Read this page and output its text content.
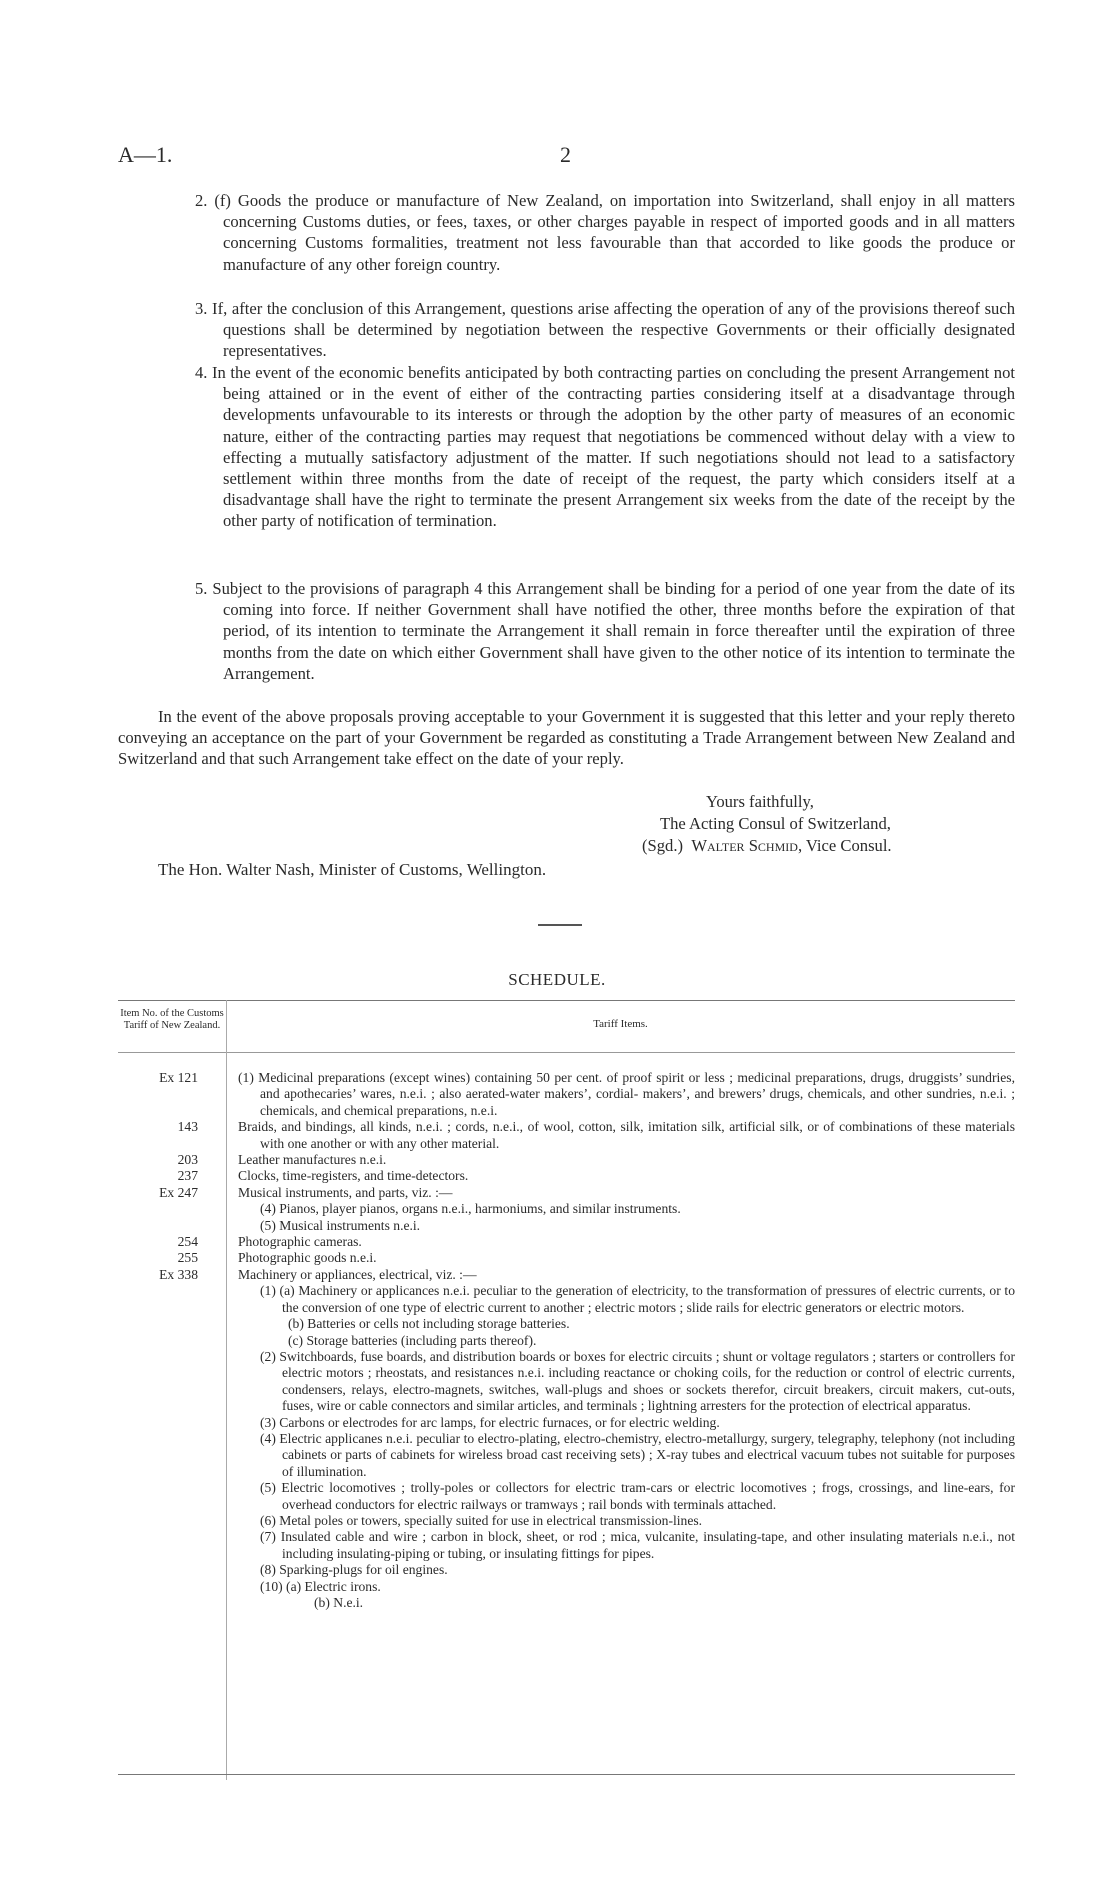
A—1.	2
2. (f) Goods the produce or manufacture of New Zealand, on importation into Switzerland, shall enjoy in all matters concerning Customs duties, or fees, taxes, or other charges payable in respect of imported goods and in all matters concerning Customs formalities, treatment not less favourable than that accorded to like goods the produce or manufacture of any other foreign country.
3. If, after the conclusion of this Arrangement, questions arise affecting the operation of any of the provisions thereof such questions shall be determined by negotiation between the respective Governments or their officially designated representatives.
4. In the event of the economic benefits anticipated by both contracting parties on concluding the present Arrangement not being attained or in the event of either of the contracting parties considering itself at a disadvantage through developments unfavourable to its interests or through the adoption by the other party of measures of an economic nature, either of the contracting parties may request that negotiations be commenced without delay with a view to effecting a mutually satisfactory adjustment of the matter. If such negotiations should not lead to a satisfactory settlement within three months from the date of receipt of the request, the party which considers itself at a disadvantage shall have the right to terminate the present Arrangement six weeks from the date of the receipt by the other party of notification of termination.
5. Subject to the provisions of paragraph 4 this Arrangement shall be binding for a period of one year from the date of its coming into force. If neither Government shall have notified the other, three months before the expiration of that period, of its intention to terminate the Arrangement it shall remain in force thereafter until the expiration of three months from the date on which either Government shall have given to the other notice of its intention to terminate the Arrangement.
In the event of the above proposals proving acceptable to your Government it is suggested that this letter and your reply thereto conveying an acceptance on the part of your Government be regarded as constituting a Trade Arrangement between New Zealand and Switzerland and that such Arrangement take effect on the date of your reply.
Yours faithfully,
The Acting Consul of Switzerland,
(Sgd.) Walter Schmid, Vice Consul.
The Hon. Walter Nash, Minister of Customs, Wellington.
SCHEDULE.
Item No. of the Customs Tariff of New Zealand.	Tariff Items.
Ex 121	(1) Medicinal preparations (except wines) containing 50 per cent. of proof spirit or less ; medicinal preparations, drugs, druggists’ sundries, and apothecaries’ wares, n.e.i. ; also aerated-water makers’, cordial- makers’, and brewers’ drugs, chemicals, and other sundries, n.e.i. ; chemicals, and chemical preparations, n.e.i.
143	Braids, and bindings, all kinds, n.e.i. ; cords, n.e.i., of wool, cotton, silk, imitation silk, artificial silk, or of combinations of these materials with one another or with any other material.
203	Leather manufactures n.e.i.
237	Clocks, time-registers, and time-detectors.
Ex 247	Musical instruments, and parts, viz. :—
(4) Pianos, player pianos, organs n.e.i., harmoniums, and similar instruments.
(5) Musical instruments n.e.i.
254	Photographic cameras.
255	Photographic goods n.e.i.
Ex 338	Machinery or appliances, electrical, viz. :—
(1) (a) Machinery or applicances n.e.i. peculiar to the generation of electricity, to the transformation of pressures of electric currents, or to the conversion of one type of electric current to another ; electric motors ; slide rails for electric generators or electric motors.
(b) Batteries or cells not including storage batteries.
(c) Storage batteries (including parts thereof).
(2) Switchboards, fuse boards, and distribution boards or boxes for electric circuits ; shunt or voltage regulators ; starters or controllers for electric motors ; rheostats, and resistances n.e.i. including reactance or choking coils, for the reduction or control of electric currents, condensers, relays, electro-magnets, switches, wall-plugs and shoes or sockets therefor, circuit breakers, circuit makers, cut-outs, fuses, wire or cable connectors and similar articles, and terminals ; lightning arresters for the protection of electrical apparatus.
(3) Carbons or electrodes for arc lamps, for electric furnaces, or for electric welding.
(4) Electric applicanes n.e.i. peculiar to electro-plating, electro-chemistry, electro-metallurgy, surgery, telegraphy, telephony (not including cabinets or parts of cabinets for wireless broad cast receiving sets) ; X-ray tubes and electrical vacuum tubes not suitable for purposes of illumination.
(5) Electric locomotives ; trolly-poles or collectors for electric tram-cars or electric locomotives ; frogs, crossings, and line-ears, for overhead conductors for electric railways or tramways ; rail bonds with terminals attached.
(6) Metal poles or towers, specially suited for use in electrical transmission-lines.
(7) Insulated cable and wire ; carbon in block, sheet, or rod ; mica, vulcanite, insulating-tape, and other insulating materials n.e.i., not including insulating-piping or tubing, or insulating fittings for pipes.
(8) Sparking-plugs for oil engines.
(10) (a) Electric irons.
(b) N.e.i.
